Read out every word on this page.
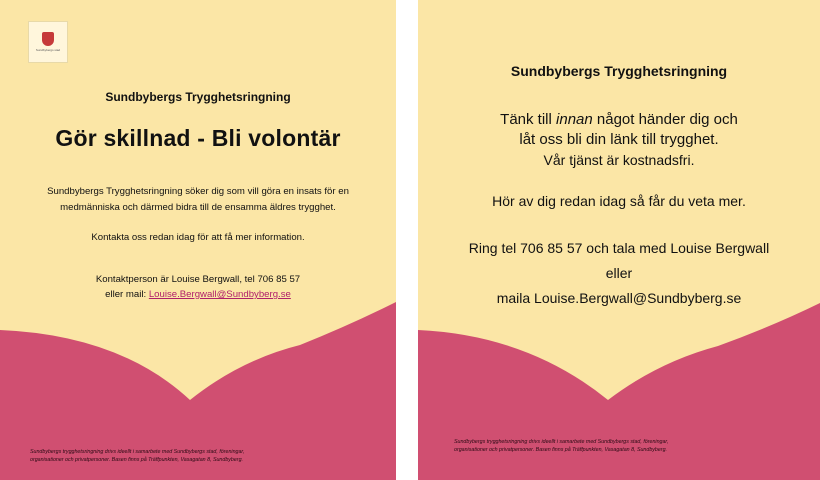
Sundbybergs stad
Sundbybergs Trygghetsringning
Gör skillnad - Bli volontär
Sundbybergs Trygghetsringning söker dig som vill göra en insats för en
medmänniska och därmed bidra till de ensamma äldres trygghet.
Kontakta oss redan idag för att få mer information.
Kontaktperson är Louise Bergwall, tel 706 85 57
eller mail: Louise.Bergwall@Sundbyberg.se
Sundbybergs trygghetsringning drivs ideellt i samarbete med Sundbybergs stad, föreningar,
organisationer och privatpersoner. Basen finns på Träffpunkten, Vasagatan 8, Sundbyberg.
Sundbybergs Trygghetsringning
Tänk till innan något händer dig och
låt oss bli din länk till trygghet.
Vår tjänst är kostnadsfri.
Hör av dig redan idag så får du veta mer.
Ring tel 706 85 57 och tala med Louise Bergwall
eller
maila Louise.Bergwall@Sundbyberg.se
Sundbybergs trygghetsringning drivs ideellt i samarbete med Sundbybergs stad, föreningar,
organisationer och privatpersoner. Basen finns på Träffpunkten, Vasagatan 8, Sundbyberg.
